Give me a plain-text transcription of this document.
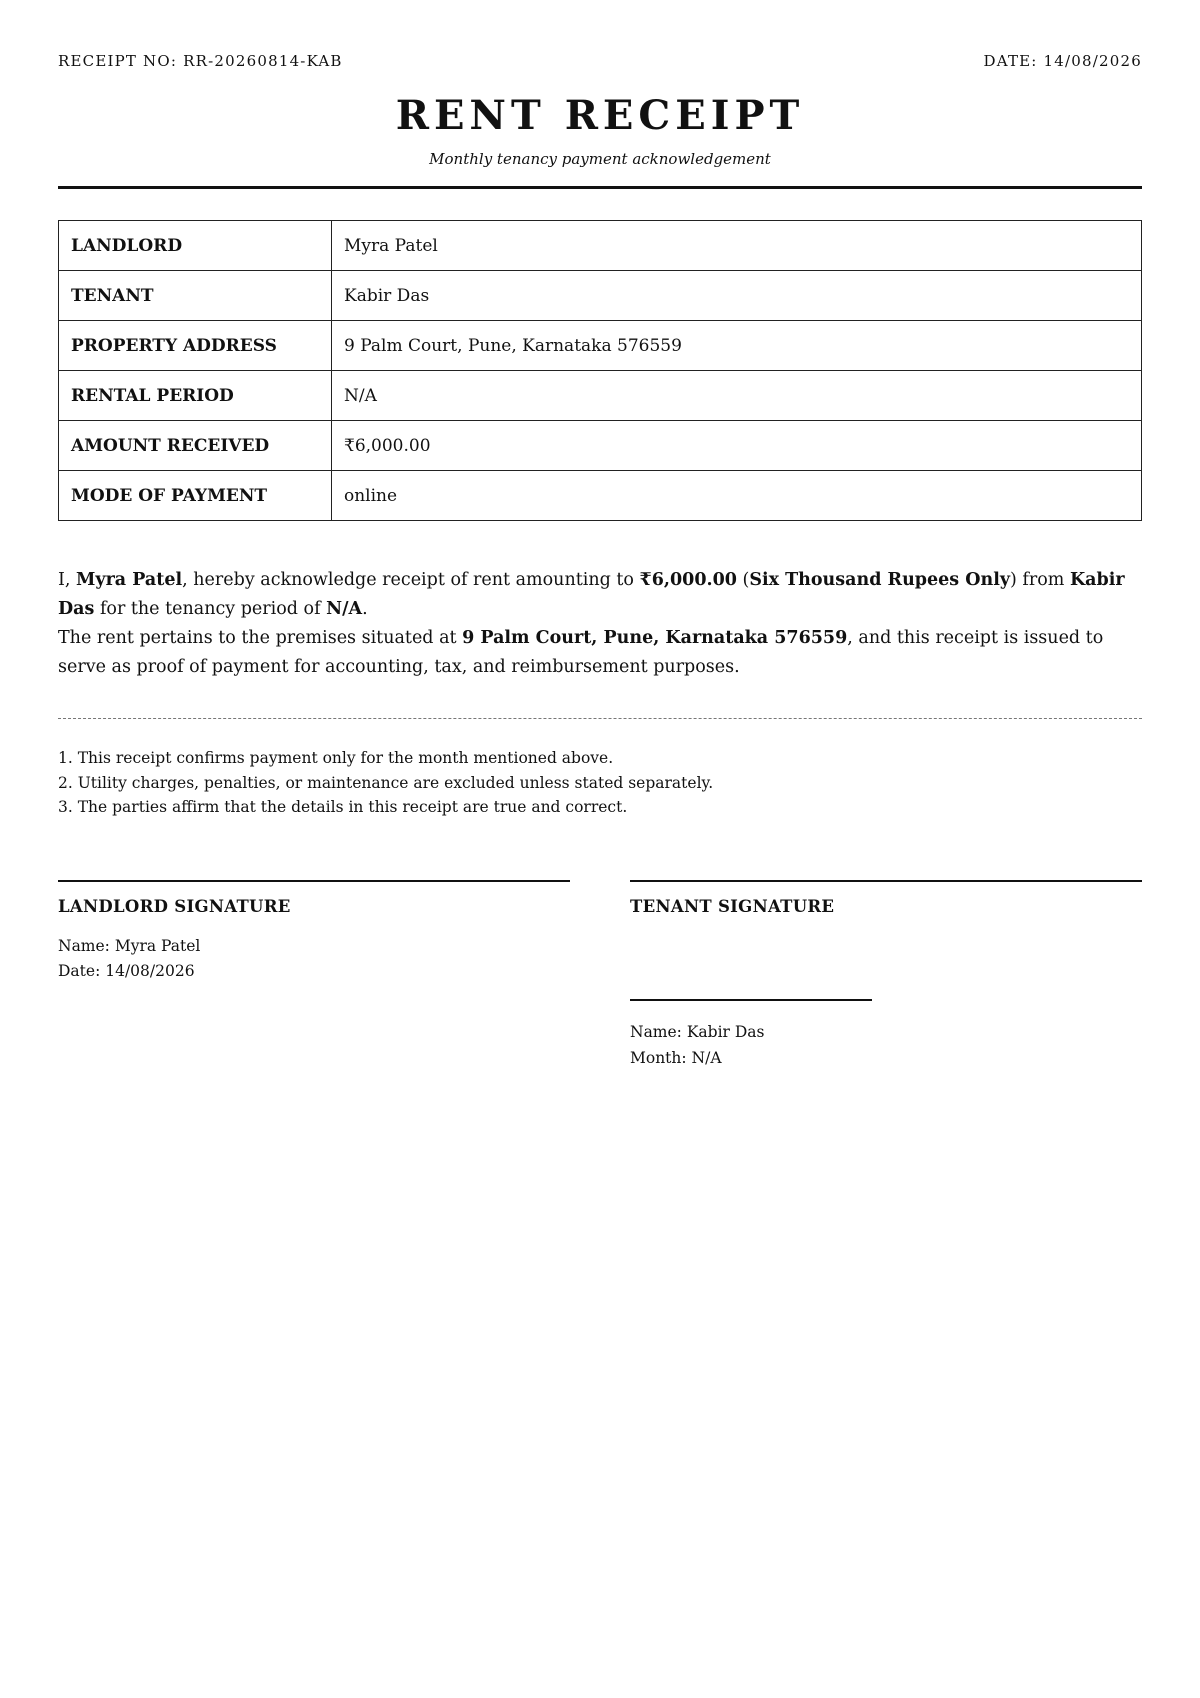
RECEIPT NO: RR-20260814-KAB	DATE: 14/08/2026
RENT RECEIPT
Monthly tenancy payment acknowledgement
LANDLORD	Myra Patel
TENANT	Kabir Das
PROPERTY ADDRESS	9 Palm Court, Pune, Karnataka 576559
RENTAL PERIOD	N/A
AMOUNT RECEIVED	₹6,000.00
MODE OF PAYMENT	online
I, Myra Patel, hereby acknowledge receipt of rent amounting to ₹6,000.00 (Six Thousand Rupees Only) from Kabir Das for the tenancy period of N/A.
The rent pertains to the premises situated at 9 Palm Court, Pune, Karnataka 576559, and this receipt is issued to serve as proof of payment for accounting, tax, and reimbursement purposes.
1. This receipt confirms payment only for the month mentioned above.
2. Utility charges, penalties, or maintenance are excluded unless stated separately.
3. The parties affirm that the details in this receipt are true and correct.
LANDLORD SIGNATURE
Name: Myra Patel
Date: 14/08/2026
TENANT SIGNATURE
Name: Kabir Das
Month: N/A
